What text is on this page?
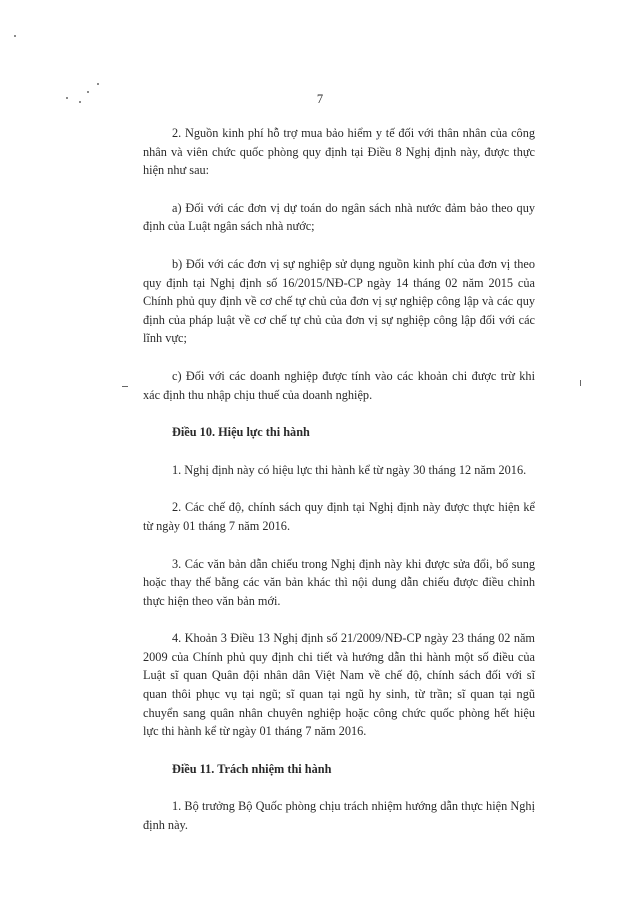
7

2. Nguồn kinh phí hỗ trợ mua bảo hiểm y tế đối với thân nhân của công nhân và viên chức quốc phòng quy định tại Điều 8 Nghị định này, được thực hiện như sau:

a) Đối với các đơn vị dự toán do ngân sách nhà nước đảm bảo theo quy định của Luật ngân sách nhà nước;

b) Đối với các đơn vị sự nghiệp sử dụng nguồn kinh phí của đơn vị theo quy định tại Nghị định số 16/2015/NĐ-CP ngày 14 tháng 02 năm 2015 của Chính phủ quy định về cơ chế tự chủ của đơn vị sự nghiệp công lập và các quy định của pháp luật về cơ chế tự chủ của đơn vị sự nghiệp công lập đối với các lĩnh vực;

c) Đối với các doanh nghiệp được tính vào các khoản chi được trừ khi xác định thu nhập chịu thuế của doanh nghiệp.

Điều 10. Hiệu lực thi hành

1. Nghị định này có hiệu lực thi hành kể từ ngày 30 tháng 12 năm 2016.

2. Các chế độ, chính sách quy định tại Nghị định này được thực hiện kể từ ngày 01 tháng 7 năm 2016.

3. Các văn bản dẫn chiếu trong Nghị định này khi được sửa đổi, bổ sung hoặc thay thế bằng các văn bản khác thì nội dung dẫn chiếu được điều chỉnh thực hiện theo văn bản mới.

4. Khoản 3 Điều 13 Nghị định số 21/2009/NĐ-CP ngày 23 tháng 02 năm 2009 của Chính phủ quy định chi tiết và hướng dẫn thi hành một số điều của Luật sĩ quan Quân đội nhân dân Việt Nam về chế độ, chính sách đối với sĩ quan thôi phục vụ tại ngũ; sĩ quan tại ngũ hy sinh, từ trần; sĩ quan tại ngũ chuyển sang quân nhân chuyên nghiệp hoặc công chức quốc phòng hết hiệu lực thi hành kể từ ngày 01 tháng 7 năm 2016.

Điều 11. Trách nhiệm thi hành

1. Bộ trưởng Bộ Quốc phòng chịu trách nhiệm hướng dẫn thực hiện Nghị định này.
